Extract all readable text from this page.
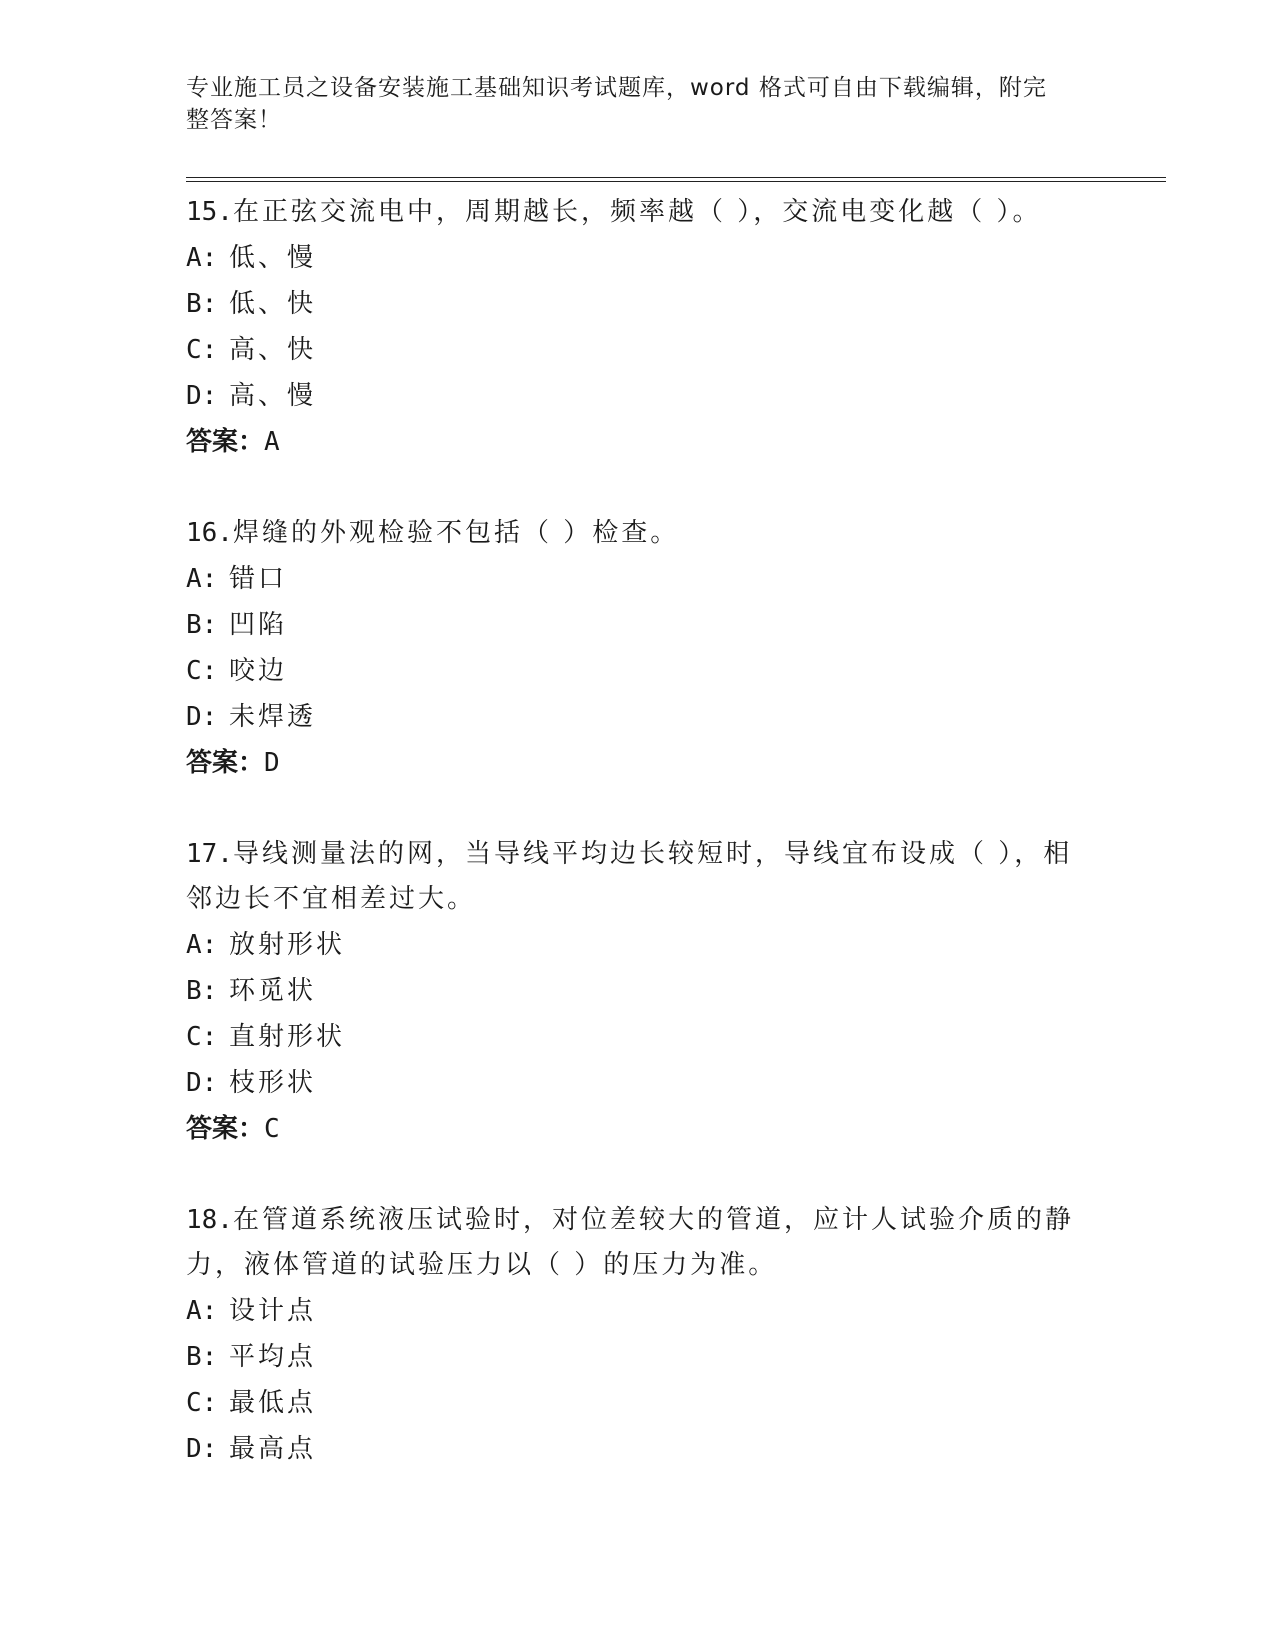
专业施工员之设备安装施工基础知识考试题库，word 格式可自由下载编辑，附完
整答案！
15.在正弦交流电中，周期越长，频率越（ ），交流电变化越（ ）。
A: 低、慢
B: 低、快
C: 高、快
D: 高、慢
答案：A
16.焊缝的外观检验不包括（ ）检查。
A: 错口
B: 凹陷
C: 咬边
D: 未焊透
答案：D
17.导线测量法的网，当导线平均边长较短时，导线宜布设成（ ），相邻边长不宜相差过大。
A: 放射形状
B: 环觅状
C: 直射形状
D: 枝形状
答案：C
18.在管道系统液压试验时，对位差较大的管道，应计人试验介质的静力，液体管道的试验压力以（ ）的压力为准。
A: 设计点
B: 平均点
C: 最低点
D: 最高点
